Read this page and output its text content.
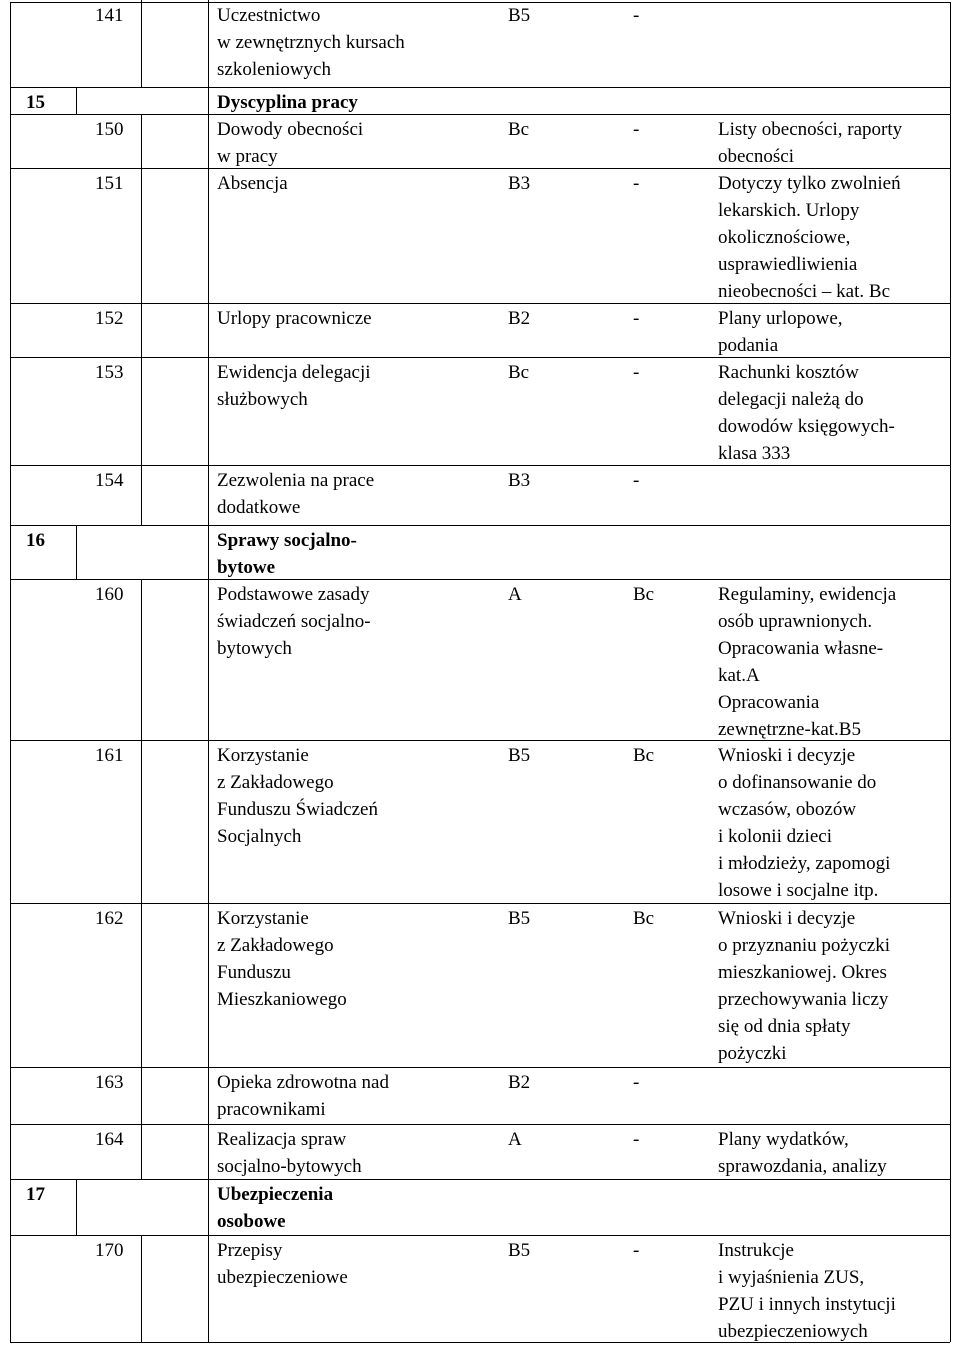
141	Uczestnictwo
w zewnętrznych kursach
szkoleniowych
B5	-
15	Dyscyplina pracy
150	Dowody obecności
w pracy
Bc	-	Listy obecności, raporty
obecności
151	Absencja	B3	-	Dotyczy tylko zwolnień
lekarskich. Urlopy
okolicznościowe,
usprawiedliwienia
nieobecności – kat. Bc
152	Urlopy pracownicze	B2	-	Plany urlopowe,
podania
153	Ewidencja delegacji
służbowych
Bc	-	Rachunki kosztów
delegacji należą do
dowodów księgowych-
klasa 333
154	Zezwolenia na prace
dodatkowe
B3	-
16	Sprawy socjalno-
bytowe
160	Podstawowe zasady
świadczeń socjalno-
bytowych
A	Bc	Regulaminy, ewidencja
osób uprawnionych.
Opracowania własne-
kat.A
Opracowania
zewnętrzne-kat.B5
161	Korzystanie
z Zakładowego
Funduszu Świadczeń
Socjalnych
B5	Bc	Wnioski i decyzje
o dofinansowanie do
wczasów, obozów
i kolonii dzieci
i młodzieży, zapomogi
losowe i socjalne itp.
162	Korzystanie
z Zakładowego
Funduszu
Mieszkaniowego
B5	Bc	Wnioski i decyzje
o przyznaniu pożyczki
mieszkaniowej. Okres
przechowywania liczy
się od dnia spłaty
pożyczki
163	Opieka zdrowotna nad
pracownikami
B2	-
164	Realizacja spraw
socjalno-bytowych
A	-	Plany wydatków,
sprawozdania, analizy
17	Ubezpieczenia
osobowe
170	Przepisy
ubezpieczeniowe
B5	-	Instrukcje
i wyjaśnienia ZUS,
PZU i innych instytucji
ubezpieczeniowych
